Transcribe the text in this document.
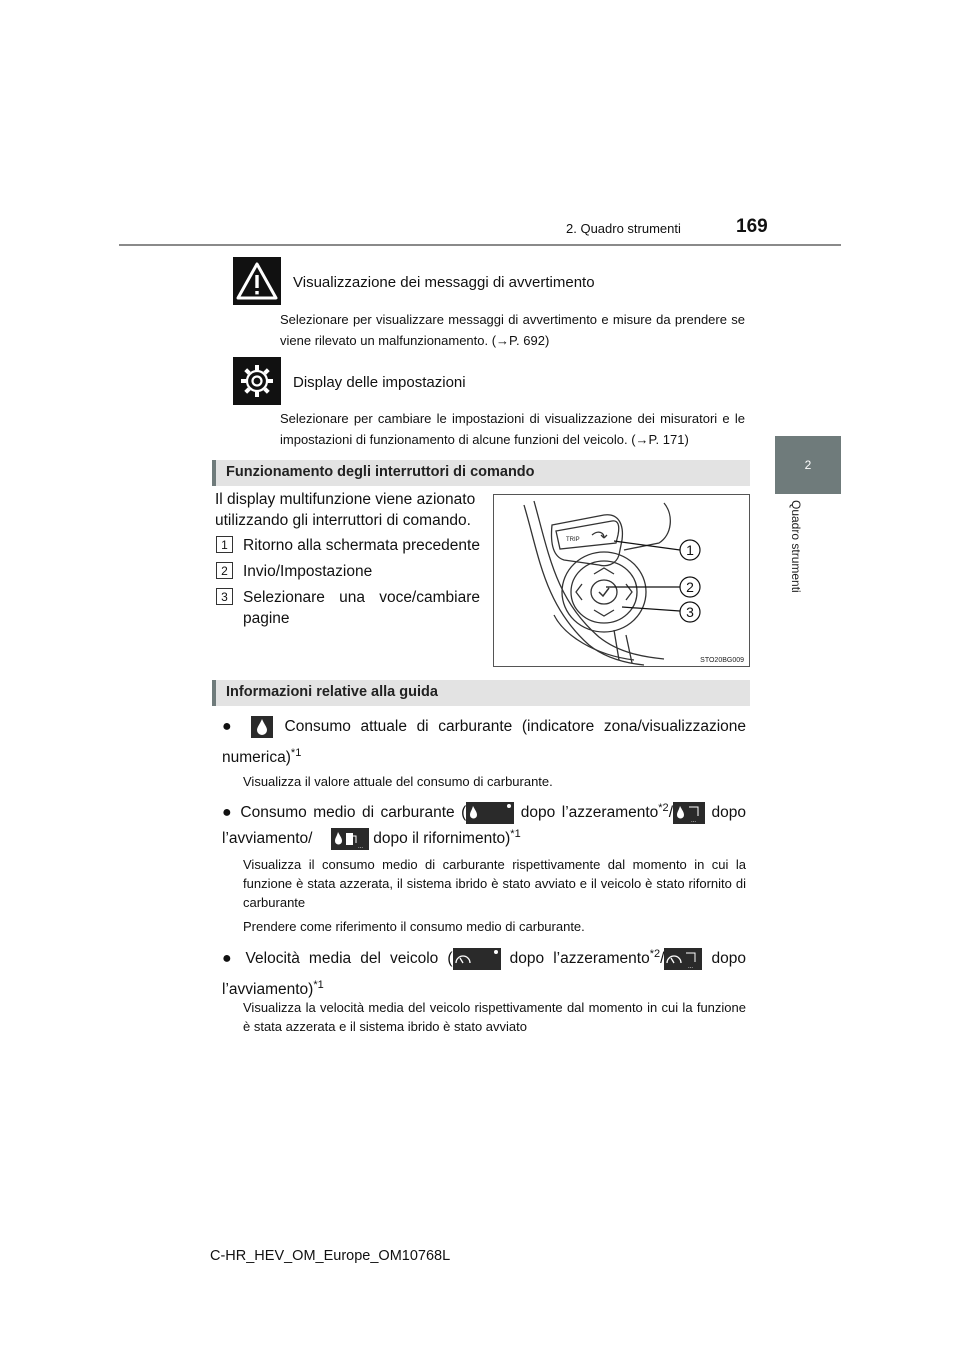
2. Quadro strumenti	169
2
Quadro strumenti
Visualizzazione dei messaggi di avvertimento
Selezionare per visualizzare messaggi di avvertimento e misure da prendere se viene rilevato un malfunzionamento. (→P. 692)
Display delle impostazioni
Selezionare per cambiare le impostazioni di visualizzazione dei misuratori e le impostazioni di funzionamento di alcune funzioni del veicolo. (→P. 171)
Funzionamento degli interruttori di comando
Il display multifunzione viene azionato utilizzando gli interruttori di comando.
1 Ritorno alla schermata precedente
2 Invio/Impostazione
3 Selezionare una voce/cambiare pagine
1
2
3
TRIP
STO20BG009
Informazioni relative alla guida
●	Consumo attuale di carburante (indicatore zona/visualizzazione numerica)$^{*1}$
Visualizza il valore attuale del consumo di carburante.
● Consumo medio di carburante (	dopo l’azzeramento$^{*2}$/	... dopo l’avviamento/	... dopo il rifornimento)$^{*1}$
Visualizza il consumo medio di carburante rispettivamente dal momento in cui la funzione è stata azzerata, il sistema ibrido è stato avviato e il veicolo è stato rifornito di carburante
Prendere come riferimento il consumo medio di carburante.
● Velocità media del veicolo (	dopo l’azzeramento$^{*2}$/	... dopo l’avviamento)$^{*1}$
Visualizza la velocità media del veicolo rispettivamente dal momento in cui la funzione è stata azzerata e il sistema ibrido è stato avviato
C-HR_HEV_OM_Europe_OM10768L
